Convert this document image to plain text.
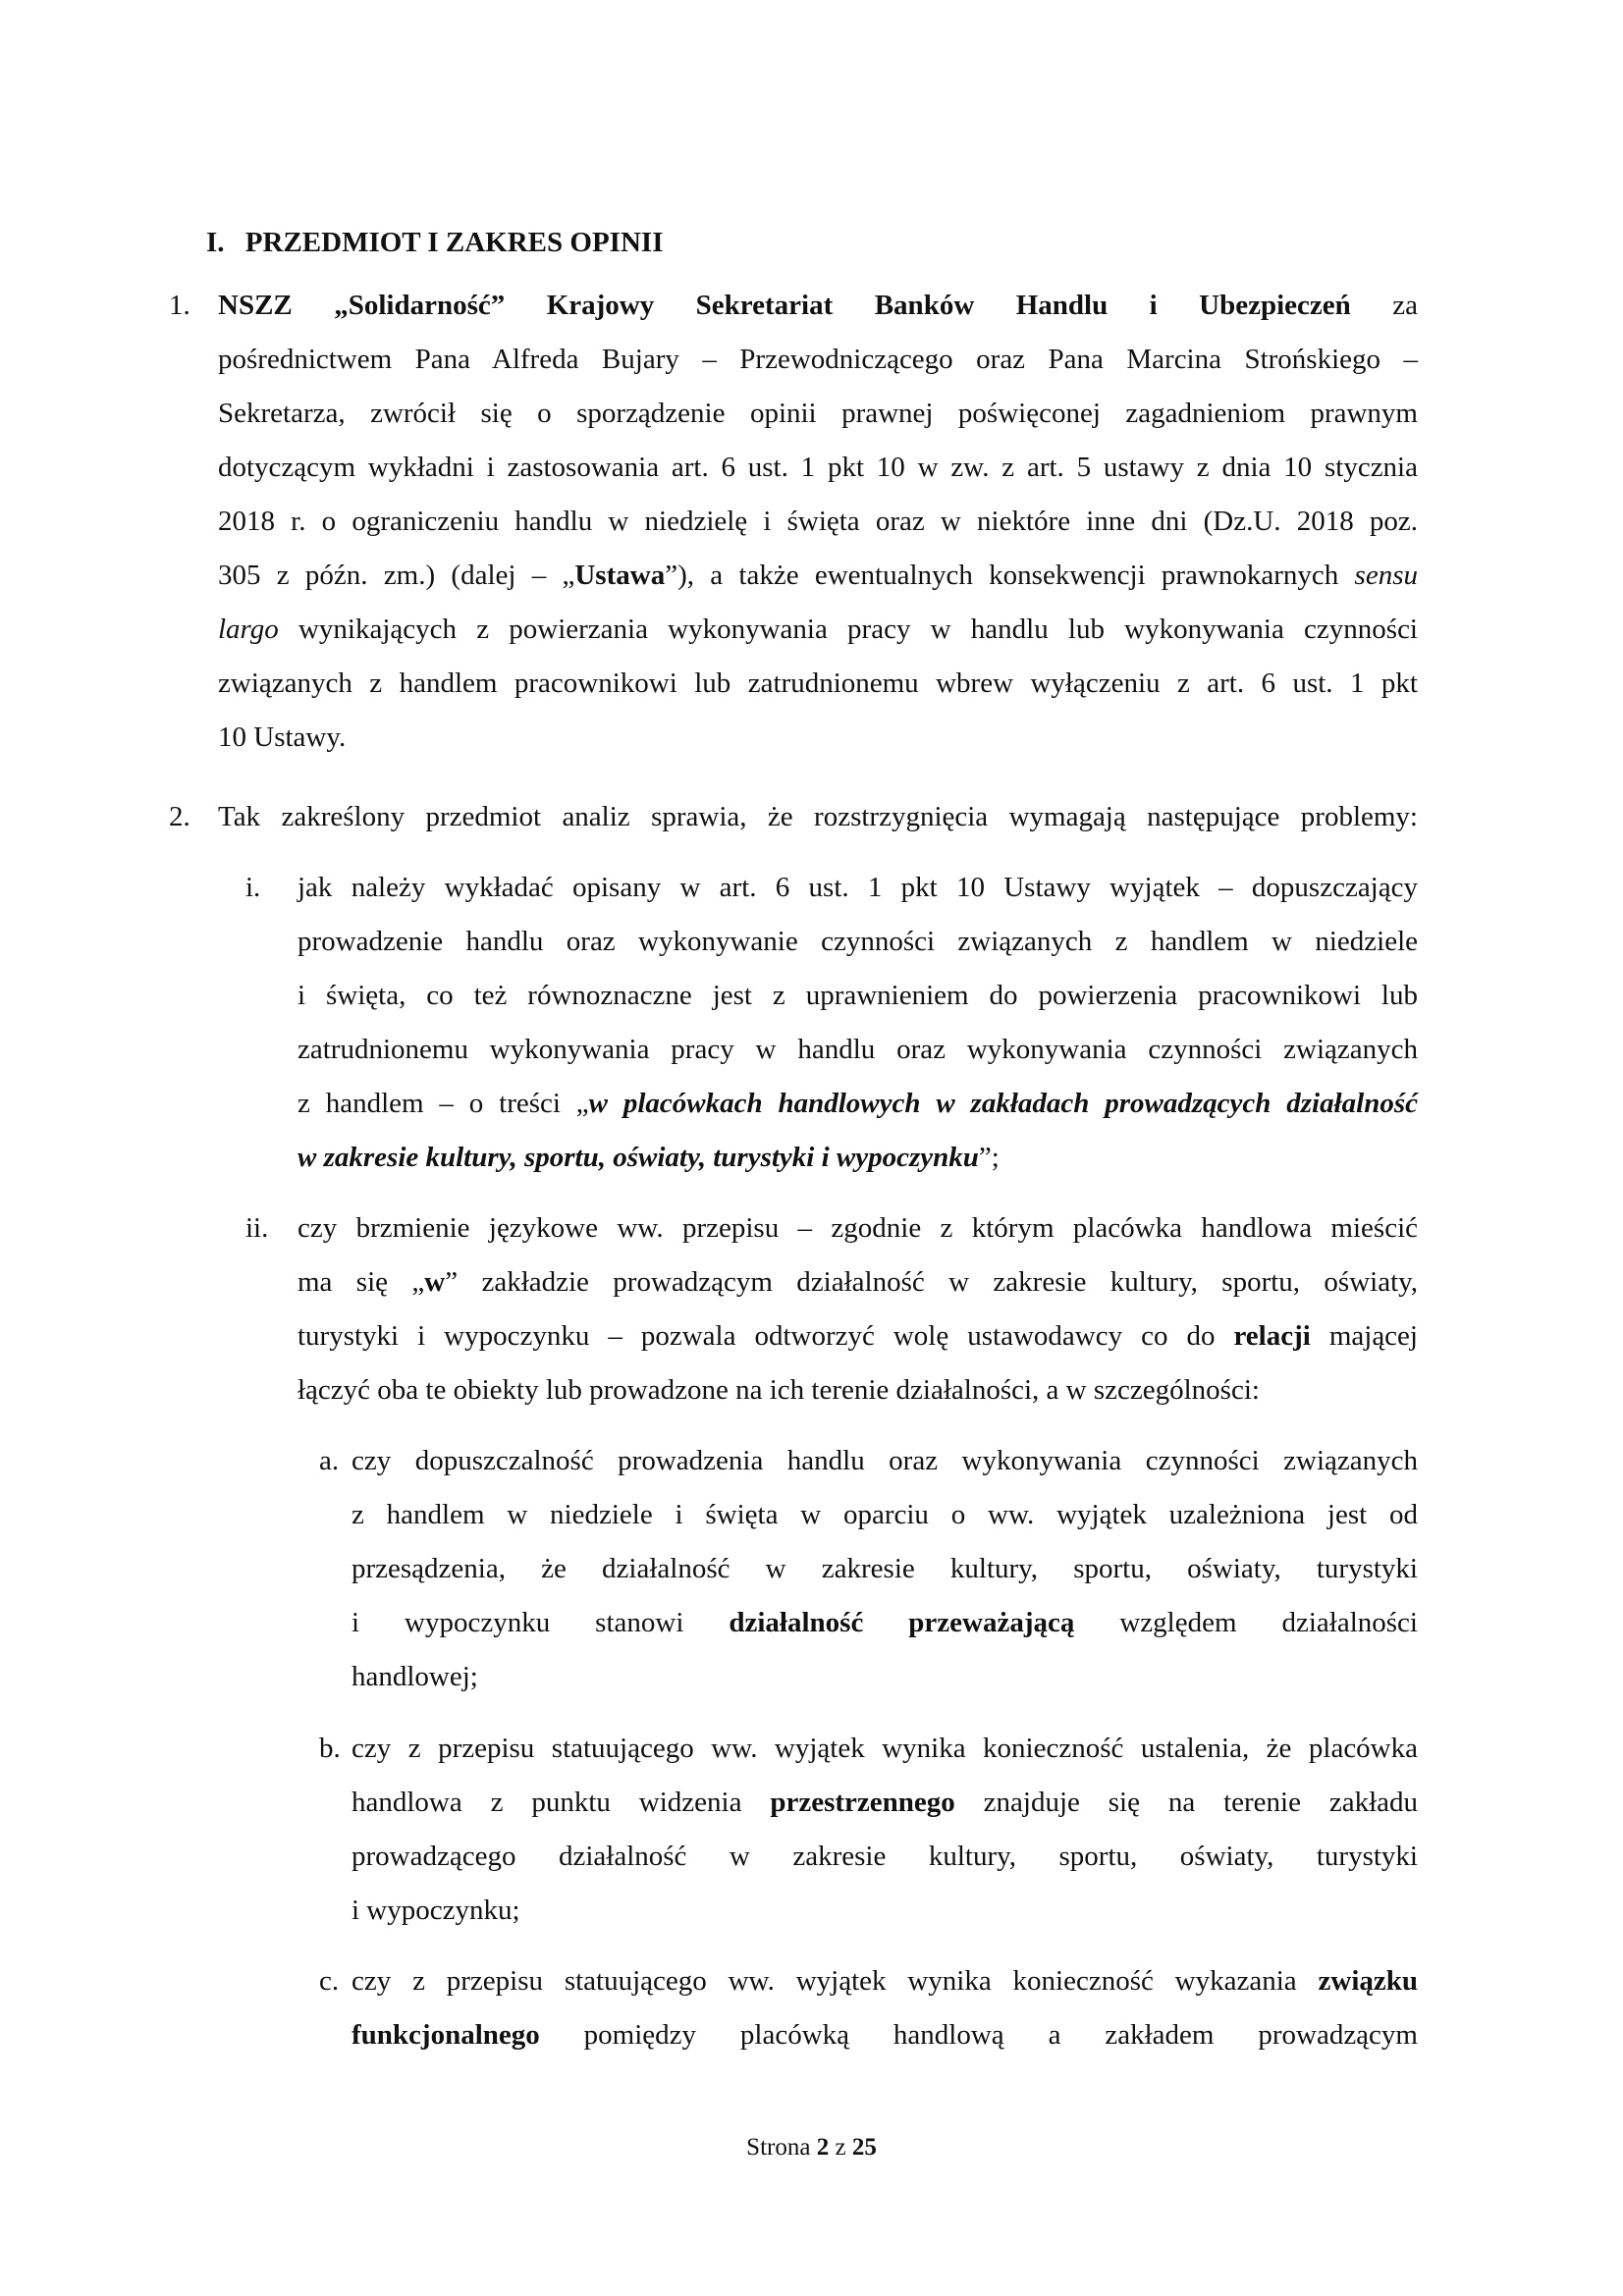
I. PRZEDMIOT I ZAKRES OPINII
1. NSZZ „Solidarność” Krajowy Sekretariat Banków Handlu i Ubezpieczeń za
pośrednictwem Pana Alfreda Bujary – Przewodniczącego oraz Pana Marcina Strońskiego –
Sekretarza, zwrócił się o sporządzenie opinii prawnej poświęconej zagadnieniom prawnym
dotyczącym wykładni i zastosowania art. 6 ust. 1 pkt 10 w zw. z art. 5 ustawy z dnia 10 stycznia
2018 r. o ograniczeniu handlu w niedzielę i święta oraz w niektóre inne dni (Dz.U. 2018 poz.
305 z późn. zm.) (dalej – „Ustawa”), a także ewentualnych konsekwencji prawnokarnych sensu
largo wynikających z powierzania wykonywania pracy w handlu lub wykonywania czynności
związanych z handlem pracownikowi lub zatrudnionemu wbrew wyłączeniu z art. 6 ust. 1 pkt
10 Ustawy.
2. Tak zakreślony przedmiot analiz sprawia, że rozstrzygnięcia wymagają następujące problemy:
i. jak należy wykładać opisany w art. 6 ust. 1 pkt 10 Ustawy wyjątek – dopuszczający
prowadzenie handlu oraz wykonywanie czynności związanych z handlem w niedziele
i święta, co też równoznaczne jest z uprawnieniem do powierzenia pracownikowi lub
zatrudnionemu wykonywania pracy w handlu oraz wykonywania czynności związanych
z handlem – o treści „w placówkach handlowych w zakładach prowadzących działalność
w zakresie kultury, sportu, oświaty, turystyki i wypoczynku”;
ii. czy brzmienie językowe ww. przepisu – zgodnie z którym placówka handlowa mieścić
ma się „w” zakładzie prowadzącym działalność w zakresie kultury, sportu, oświaty,
turystyki i wypoczynku – pozwala odtworzyć wolę ustawodawcy co do relacji mającej
łączyć oba te obiekty lub prowadzone na ich terenie działalności, a w szczególności:
a. czy dopuszczalność prowadzenia handlu oraz wykonywania czynności związanych
z handlem w niedziele i święta w oparciu o ww. wyjątek uzależniona jest od
przesądzenia, że działalność w zakresie kultury, sportu, oświaty, turystyki
i wypoczynku stanowi działalność przeważającą względem działalności
handlowej;
b. czy z przepisu statuującego ww. wyjątek wynika konieczność ustalenia, że placówka
handlowa z punktu widzenia przestrzennego znajduje się na terenie zakładu
prowadzącego działalność w zakresie kultury, sportu, oświaty, turystyki
i wypoczynku;
c. czy z przepisu statuującego ww. wyjątek wynika konieczność wykazania związku
funkcjonalnego pomiędzy placówką handlową a zakładem prowadzącym
Strona 2 z 25
